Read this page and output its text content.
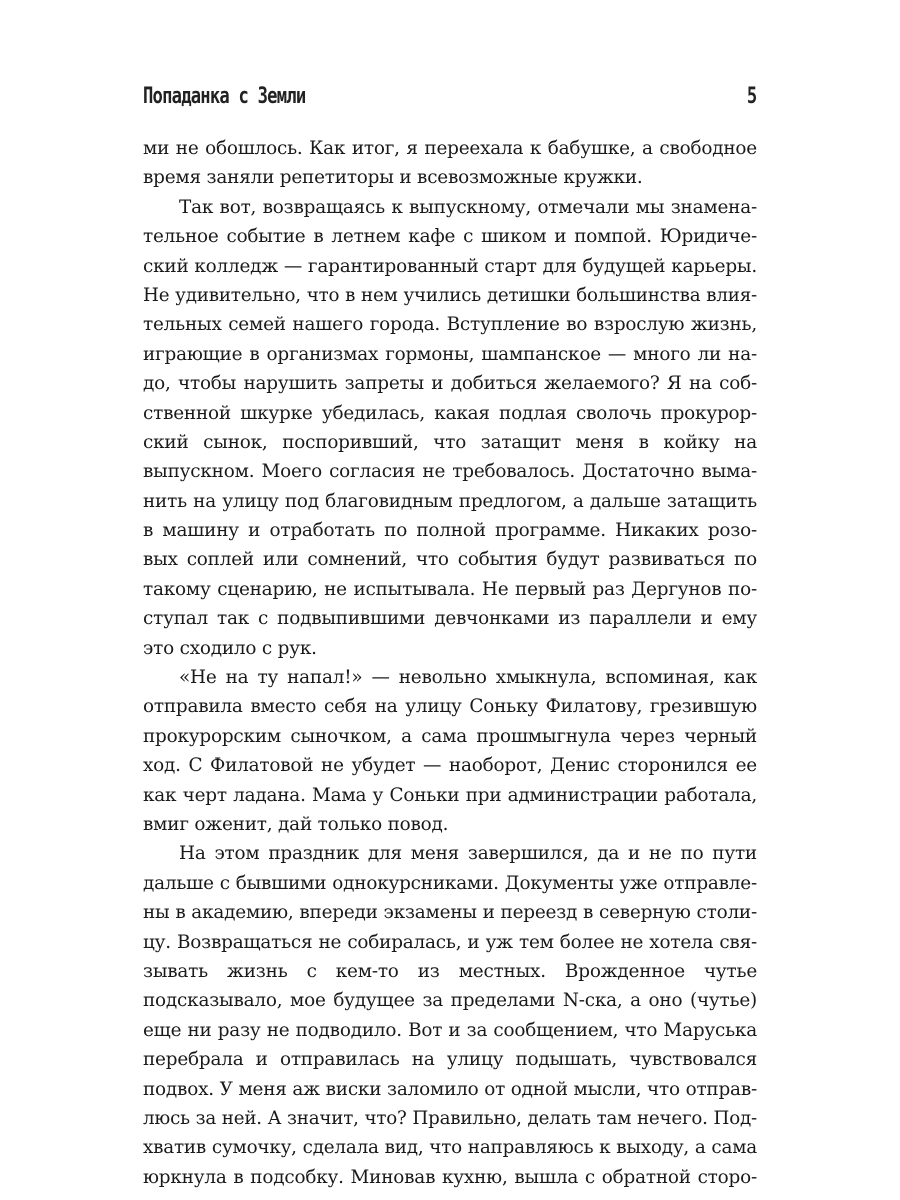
Попаданка с Земли	5
ми не обошлось. Как итог, я переехала к бабушке, а свободное
время заняли репетиторы и всевозможные кружки.
Так вот, возвращаясь к выпускному, отмечали мы знамена-
тельное событие в летнем кафе с шиком и помпой. Юридиче-
ский колледж — гарантированный старт для будущей карьеры.
Не удивительно, что в нем учились детишки большинства влия-
тельных семей нашего города. Вступление во взрослую жизнь,
играющие в организмах гормоны, шампанское — много ли на-
до, чтобы нарушить запреты и добиться желаемого? Я на соб-
ственной шкурке убедилась, какая подлая сволочь прокурор-
ский сынок, поспоривший, что затащит меня в койку на
выпускном. Моего согласия не требовалось. Достаточно выма-
нить на улицу под благовидным предлогом, а дальше затащить
в машину и отработать по полной программе. Никаких розо-
вых соплей или сомнений, что события будут развиваться по
такому сценарию, не испытывала. Не первый раз Дергунов по-
ступал так с подвыпившими девчонками из параллели и ему
это сходило с рук.
«Не на ту напал!» — невольно хмыкнула, вспоминая, как
отправила вместо себя на улицу Соньку Филатову, грезившую
прокурорским сыночком, а сама прошмыгнула через черный
ход. С Филатовой не убудет — наоборот, Денис сторонился ее
как черт ладана. Мама у Соньки при администрации работала,
вмиг оженит, дай только повод.
На этом праздник для меня завершился, да и не по пути
дальше с бывшими однокурсниками. Документы уже отправле-
ны в академию, впереди экзамены и переезд в северную столи-
цу. Возвращаться не собиралась, и уж тем более не хотела свя-
зывать жизнь с кем-то из местных. Врожденное чутье
подсказывало, мое будущее за пределами N-ска, а оно (чутье)
еще ни разу не подводило. Вот и за сообщением, что Маруська
перебрала и отправилась на улицу подышать, чувствовался
подвох. У меня аж виски заломило от одной мысли, что отправ-
люсь за ней. А значит, что? Правильно, делать там нечего. Под-
хватив сумочку, сделала вид, что направляюсь к выходу, а сама
юркнула в подсобку. Миновав кухню, вышла с обратной сторо-
